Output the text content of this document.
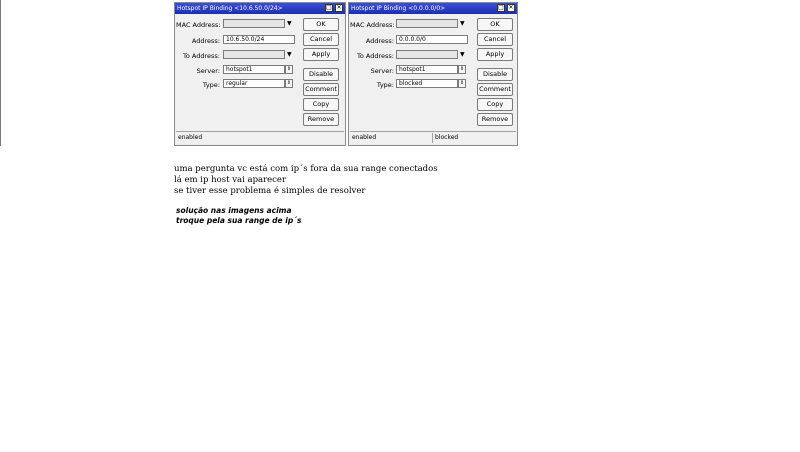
Hotspot IP Binding <10.6.50.0/24>	□ ✕
MAC Address:	▼
Address:	10.6.50.0/24
To Address:	▼
Server:	hotspot1	⇕
Type:	regular	⇕
OK
Cancel
Apply
Disable
Comment
Copy
Remove
enabled
Hotspot IP Binding <0.0.0.0/0>	□ ✕
MAC Address:	▼
Address: 0.0.0.0/0
To Address:	▼
Server: hotspot1	⇕
Type: blocked	⇕
OK
Cancel
Apply
Disable
Comment
Copy
Remove
enabled	blocked
uma pergunta vc está com ip´s fora da sua range conectados
lá em ip host vai aparecer
se tiver esse problema é simples de resolver
solução nas imagens acima
troque pela sua range de ip´s
